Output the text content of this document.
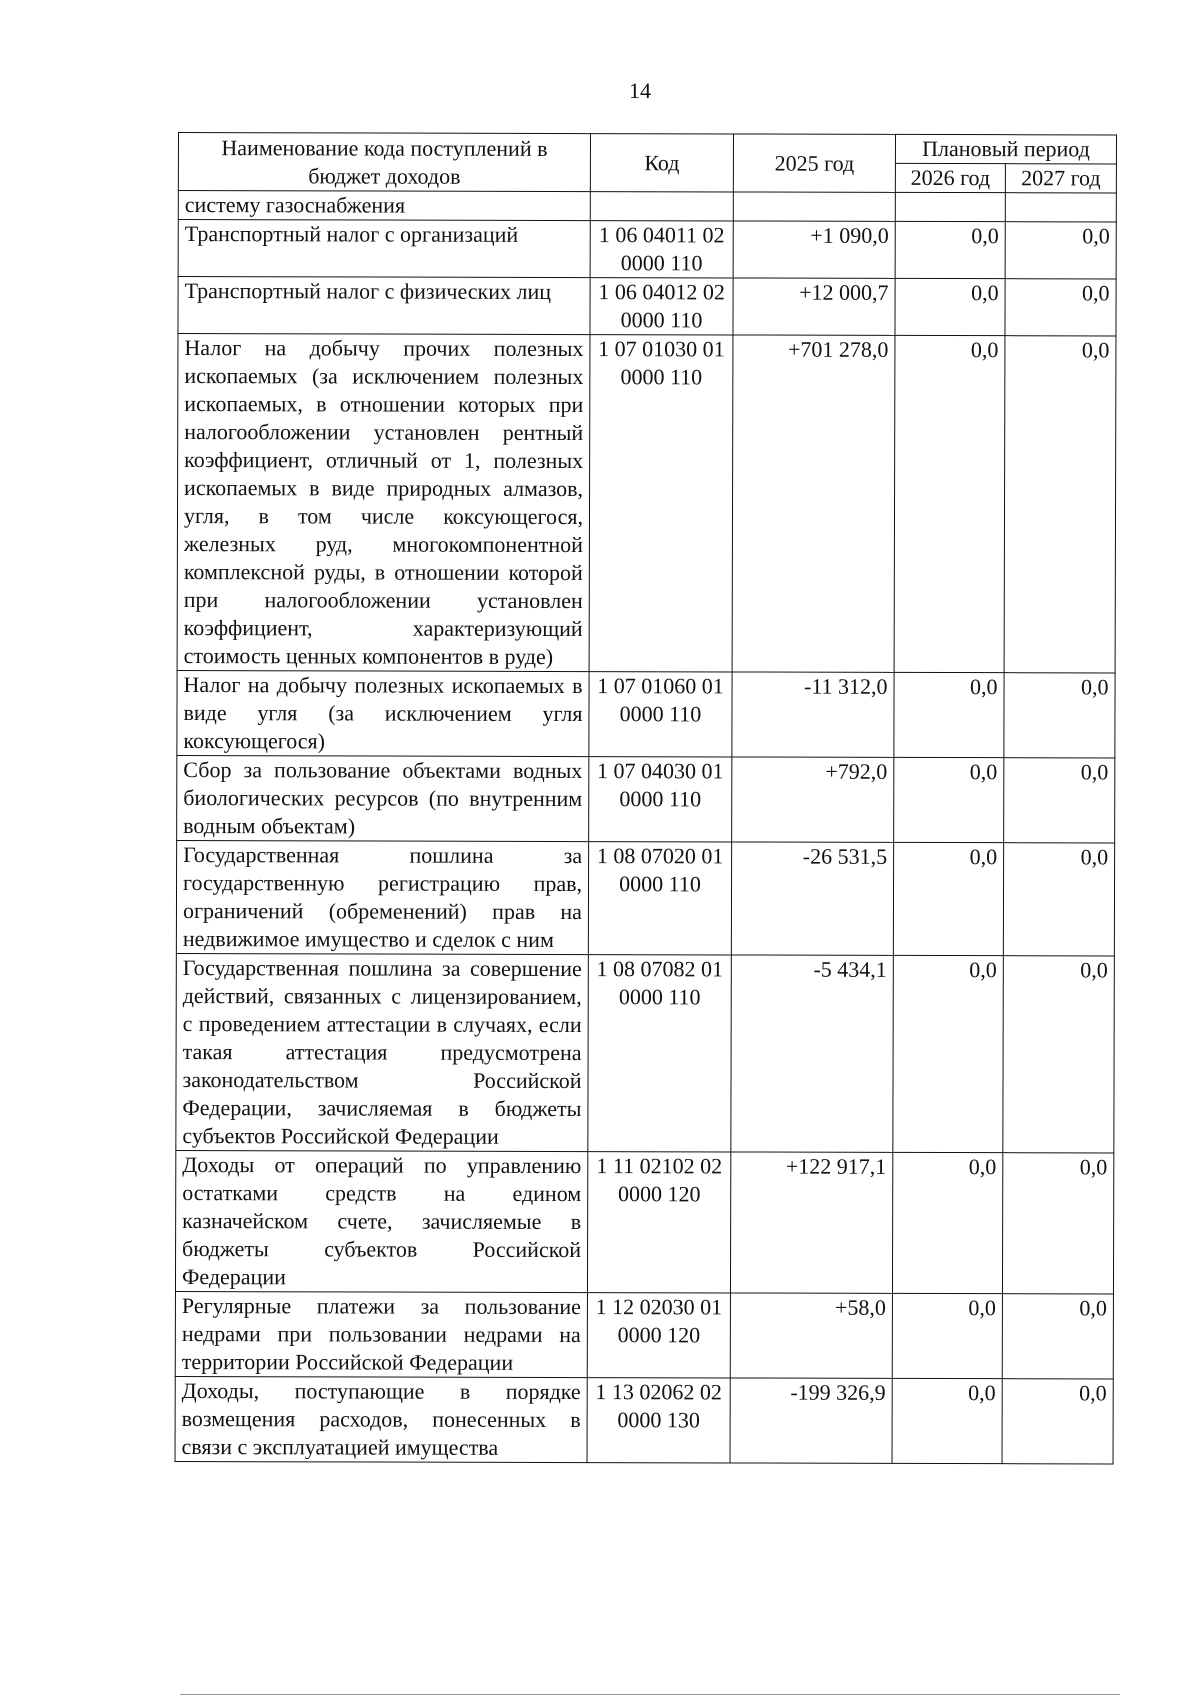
14
Наименование кода поступлений в бюджет доходов	Код	2025 год	Плановый период	
			2026 год	2027 год
систему газоснабжения				
Транспортный налог с организаций	1 06 04011 02 0000 110	+1 090,0	0,0	0,0
Транспортный налог с физических лиц	1 06 04012 02 0000 110	+12 000,7	0,0	0,0
Налог на добычу прочих полезных ископаемых (за исключением полезных ископаемых, в отношении которых при налогообложении установлен рентный коэффициент, отличный от 1, полезных ископаемых в виде природных алмазов, угля, в том числе коксующегося, железных руд, многокомпонентной комплексной руды, в отношении которой при налогообложении установлен коэффициент, характеризующий стоимость ценных компонентов в руде)	1 07 01030 01 0000 110	+701 278,0	0,0	0,0
Налог на добычу полезных ископаемых в виде угля (за исключением угля коксующегося)	1 07 01060 01 0000 110	-11 312,0	0,0	0,0
Сбор за пользование объектами водных биологических ресурсов (по внутренним водным объектам)	1 07 04030 01 0000 110	+792,0	0,0	0,0
Государственная пошлина за государственную регистрацию прав, ограничений (обременений) прав на недвижимое имущество и сделок с ним	1 08 07020 01 0000 110	-26 531,5	0,0	0,0
Государственная пошлина за совершение действий, связанных с лицензированием, с проведением аттестации в случаях, если такая аттестация предусмотрена законодательством Российской Федерации, зачисляемая в бюджеты субъектов Российской Федерации	1 08 07082 01 0000 110	-5 434,1	0,0	0,0
Доходы от операций по управлению остатками средств на едином казначейском счете, зачисляемые в бюджеты субъектов Российской Федерации	1 11 02102 02 0000 120	+122 917,1	0,0	0,0
Регулярные платежи за пользование недрами при пользовании недрами на территории Российской Федерации	1 12 02030 01 0000 120	+58,0	0,0	0,0
Доходы, поступающие в порядке возмещения расходов, понесенных в связи с эксплуатацией имущества	1 13 02062 02 0000 130	-199 326,9	0,0	0,0
